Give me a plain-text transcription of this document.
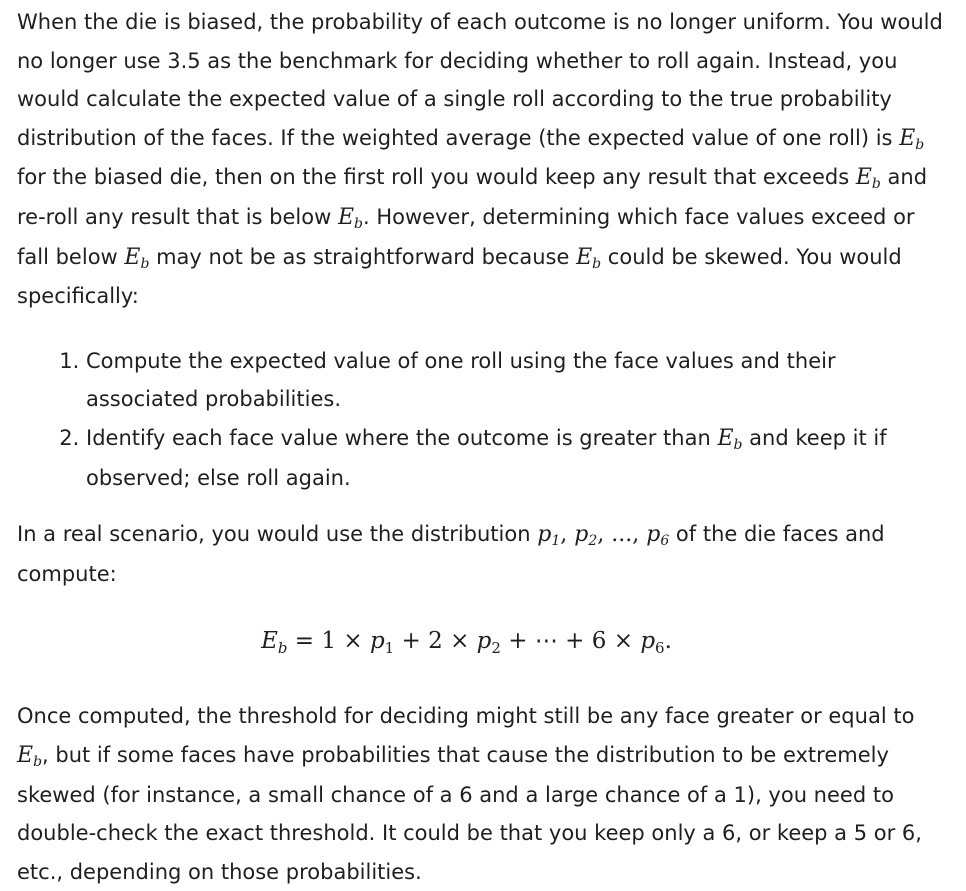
When the die is biased, the probability of each outcome is no longer uniform. You would no longer use 3.5 as the benchmark for deciding whether to roll again. Instead, you would calculate the expected value of a single roll according to the true probability distribution of the faces. If the weighted average (the expected value of one roll) is $E_b$ for the biased die, then on the first roll you would keep any result that exceeds $E_b$ and re-roll any result that is below $E_b$. However, determining which face values exceed or fall below $E_b$ may not be as straightforward because $E_b$ could be skewed. You would specifically:

1. Compute the expected value of one roll using the face values and their associated probabilities.
2. Identify each face value where the outcome is greater than $E_b$ and keep it if observed; else roll again.

In a real scenario, you would use the distribution $p_1$, $p_2$, ..., $p_6$ of the die faces and compute:

$E_b = 1 \times p_1 + 2 \times p_2$ + ⋯ + $6 \times p_6$.

Once computed, the threshold for deciding might still be any face greater or equal to $E_b$, but if some faces have probabilities that cause the distribution to be extremely skewed (for instance, a small chance of a 6 and a large chance of a 1), you need to double-check the exact threshold. It could be that you keep only a 6, or keep a 5 or 6, etc., depending on those probabilities.
